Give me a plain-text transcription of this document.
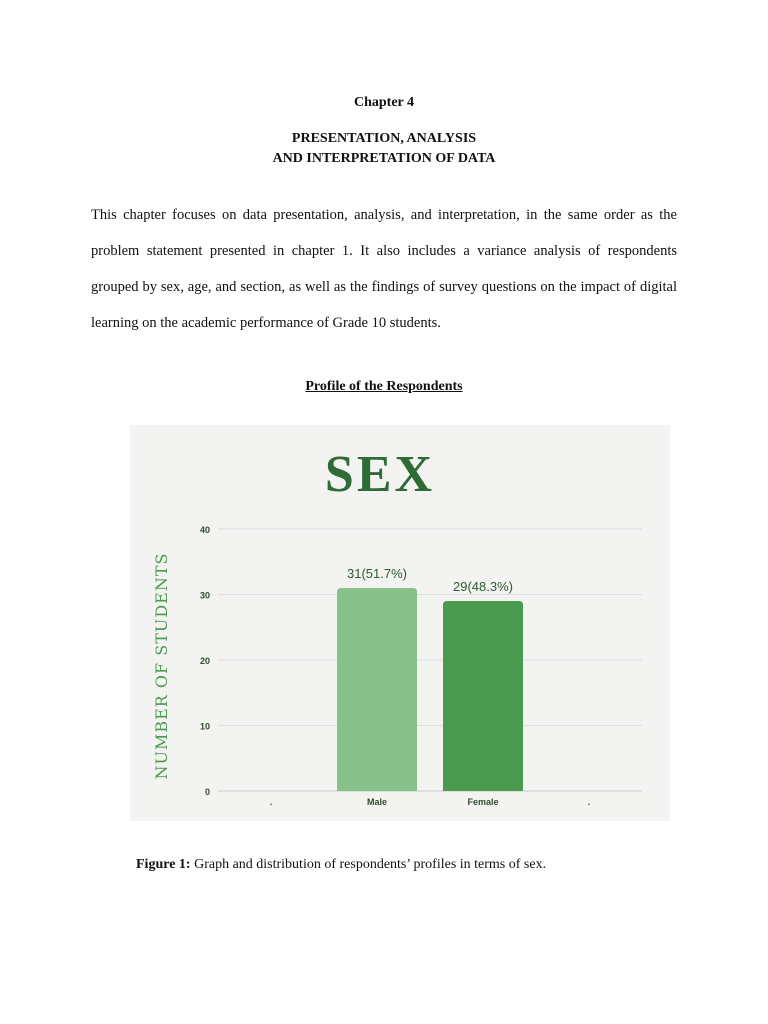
Chapter 4
PRESENTATION, ANALYSIS
AND INTERPRETATION OF DATA

This chapter focuses on data presentation, analysis, and interpretation, in the same order as the problem statement presented in chapter 1. It also includes a variance analysis of respondents grouped by sex, age, and section, as well as the findings of survey questions on the impact of digital learning on the academic performance of Grade 10 students.

Profile of the Respondents
SEX
NUMBER OF STUDENTS
0
10
20
30
40
31(51.7%)
29(48.3%)
.	Male	Female	.
Figure 1: Graph and distribution of respondents’ profiles in terms of sex.
